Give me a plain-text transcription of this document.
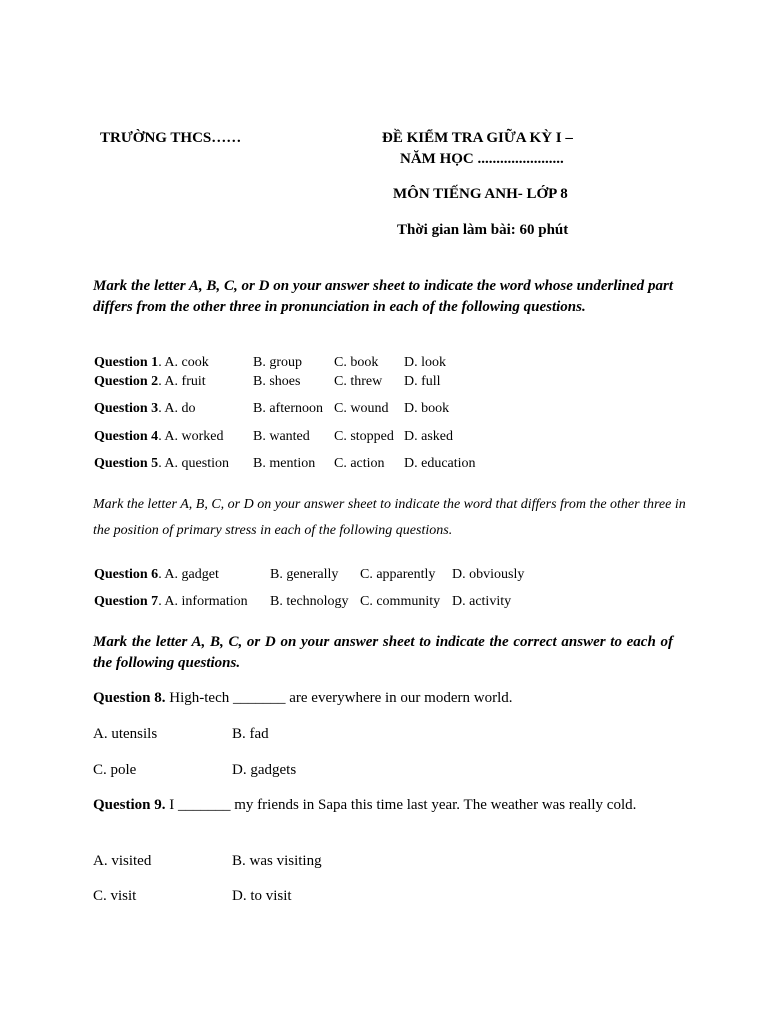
TRƯỜNG THCS……	ĐỀ KIỂM TRA GIỮA KỲ I –
NĂM HỌC .......................
MÔN TIẾNG ANH- LỚP 8
Thời gian làm bài: 60 phút
Mark the letter A, B, C, or D on your answer sheet to indicate the word whose underlined part differs from the other three in pronunciation in each of the following questions.
Question 1. A. cook	B. group C. book D. look
Question 2. A. fruit	B. shoes C. threw D. full
Question 3. A. do	B. afternoon C. wound D. book
Question 4. A. worked B. wanted C. stopped D. asked
Question 5. A. question B. mention C. action D. education
Mark the letter A, B, C, or D on your answer sheet to indicate the word that differs from the other three in the position of primary stress in each of the following questions.
Question 6. A. gadget	B. generally C. apparently D. obviously
Question 7. A. information B. technology C. community D. activity
Mark the letter A, B, C, or D on your answer sheet to indicate the correct answer to each of the following questions.
Question 8. High-tech _______ are everywhere in our modern world.
A. utensils	B. fad
C. pole	D. gadgets
Question 9. I _______ my friends in Sapa this time last year. The weather was really cold.
A. visited	B. was visiting
C. visit	D. to visit
